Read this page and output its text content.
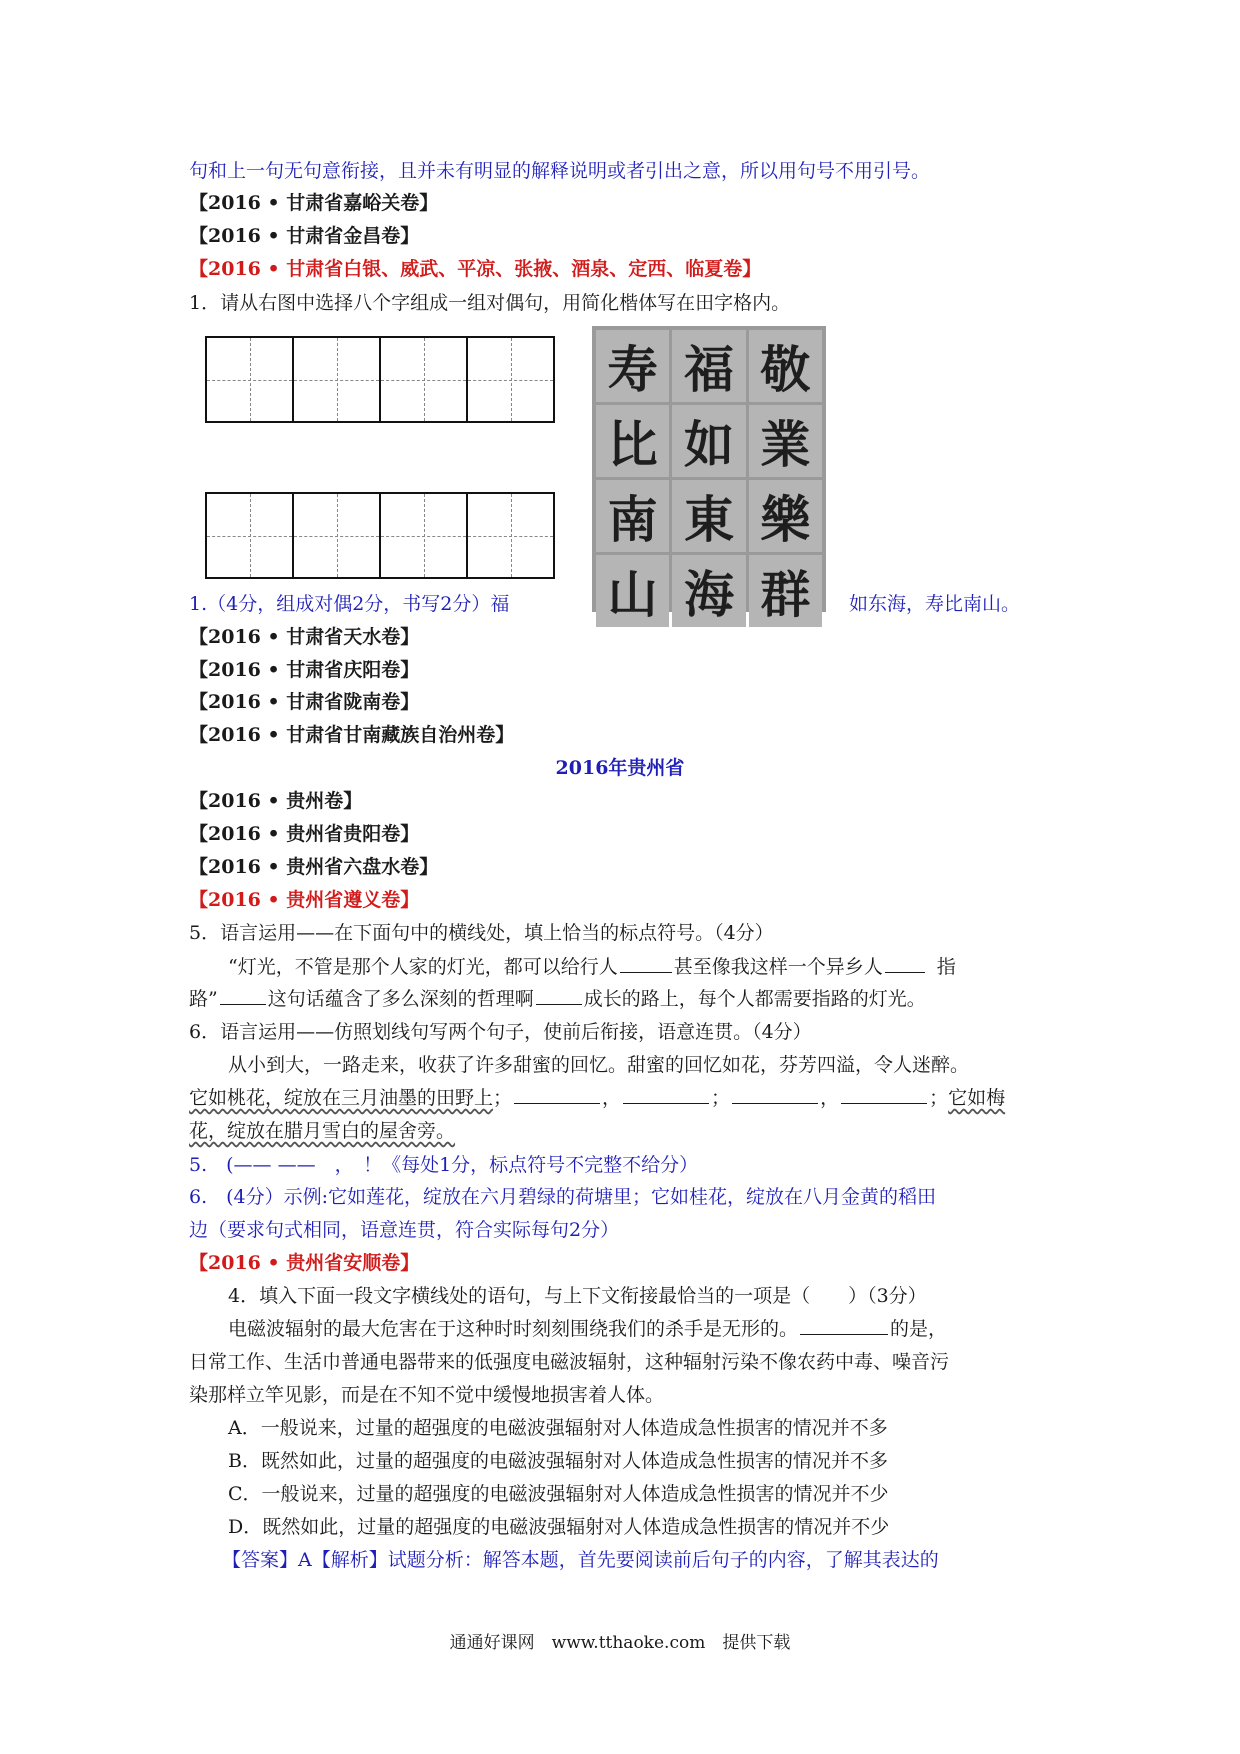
句和上一句无句意衔接，且并未有明显的解释说明或者引出之意，所以用句号不用引号。
【2016 • 甘肃省嘉峪关卷】
【2016 • 甘肃省金昌卷】
【2016 • 甘肃省白银、威武、平凉、张掖、酒泉、定西、临夏卷】
1．请从右图中选择八个字组成一组对偶句，用简化楷体写在田字格内。
寿 福 敬
比 如 業
南 東 樂
山 海 群
1.（4分，组成对偶2分，书写2分）福	如东海，寿比南山。
【2016 • 甘肃省天水卷】
【2016 • 甘肃省庆阳卷】
【2016 • 甘肃省陇南卷】
【2016 • 甘肃省甘南藏族自治州卷】
2016年贵州省
【2016 • 贵州卷】
【2016 • 贵州省贵阳卷】
【2016 • 贵州省六盘水卷】
【2016 • 贵州省遵义卷】
5．语言运用——在下面句中的横线处，填上恰当的标点符号。（4分）
“灯光，不管是那个人家的灯光，都可以给行人	甚至像我这样一个异乡人	指
路”	这句话蕴含了多么深刻的哲理啊	成长的路上，每个人都需要指路的灯光。
6．语言运用——仿照划线句写两个句子，使前后衔接，语意连贯。（4分）
从小到大，一路走来，收获了许多甜蜜的回忆。甜蜜的回忆如花，芬芳四溢，令人迷醉。
它如桃花，绽放在三月油墨的田野上；	，	；	，	；它如梅
花，绽放在腊月雪白的屋舍旁。
5.　(—— ——　，　！《每处1分，标点符号不完整不给分）
6.　(4分）示例:它如莲花，绽放在六月碧绿的荷塘里；它如桂花，绽放在八月金黄的稻田
边（要求句式相同，语意连贯，符合实际每句2分）
【2016 • 贵州省安顺卷】
4．填入下面一段文字横线处的语句，与上下文衔接最恰当的一项是（　　）（3分）
电磁波辐射的最大危害在于这种时时刻刻围绕我们的杀手是无形的。	的是，
日常工作、生活巾普通电器带来的低强度电磁波辐射，这种辐射污染不像农药中毒、噪音污
染那样立竿见影，而是在不知不觉中缓慢地损害着人体。
A．一般说来，过量的超强度的电磁波强辐射对人体造成急性损害的情况并不多
B．既然如此，过量的超强度的电磁波强辐射对人体造成急性损害的情况并不多
C．一般说来，过量的超强度的电磁波强辐射对人体造成急性损害的情况并不少
D．既然如此，过量的超强度的电磁波强辐射对人体造成急性损害的情况并不少
【答案】A【解析】试题分析：解答本题，首先要阅读前后句子的内容，了解其表达的
通通好课网　www.tthaoke.com　提供下载
